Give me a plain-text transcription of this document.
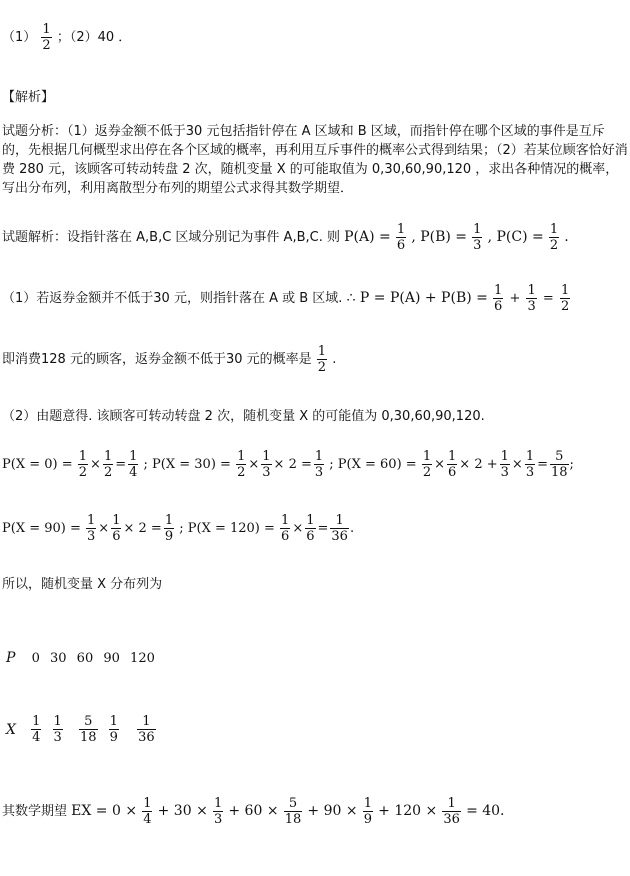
$(1) \frac{1}{2}$ ；（2）40 ．
【解析】
试题分析：（1）返券金额不低于30 元包括指针停在 A 区域和 B 区域，而指针停在哪个区域的事件是互斥的，先根据几何概型求出停在各个区域的概率，再利用互斥事件的概率公式得到结果；（2）若某位顾客恰好消费 280 元，该顾客可转动转盘 2 次，随机变量 X 的可能取值为 0,30,60,90,120 ，求出各种情况的概率，写出分布列，利用离散型分布列的期望公式求得其数学期望．
试题解析：设指针落在 A,B,C 区域分别记为事件 A,B,C. 则 $P(A) = \frac{1}{6}$ , $P(B) = \frac{1}{3}$ , $P(C) = \frac{1}{2}$ .
（1）若返券金额并不低于30 元，则指针落在 A 或 B 区域. ∴ $P = P(A) + P(B) = \frac{1}{6} + \frac{1}{3} = \frac{1}{2}$
即消费128 元的顾客，返券金额不低于30 元的概率是 $\frac{1}{2}$ .
（2）由题意得. 该顾客可转动转盘 2 次，随机变量 X 的可能值为 0,30,60,90,120.
$P(X = 0) = \frac{1}{2} \times \frac{1}{2} = \frac{1}{4}$ ; $P(X = 30) = \frac{1}{2} \times \frac{1}{3} \times 2 = \frac{1}{3}$ ; $P(X = 60) = \frac{1}{2} \times \frac{1}{6} \times 2 + \frac{1}{3} \times \frac{1}{3} = \frac{5}{18}$ ;
$P(X = 90) = \frac{1}{3} \times \frac{1}{6} \times 2 = \frac{1}{9}$ ; $P(X = 120) = \frac{1}{6} \times \frac{1}{6} = \frac{1}{36}$ .
所以，随机变量 X 分布列为
P 0 30 60 90 120
X $\frac{1}{4}$
$\frac{1}{3}$
$\frac{5}{18}$
$\frac{1}{9}$
$\frac{1}{36}$
其数学期望 EX = $0 \times \frac{1}{4} + 30 \times \frac{1}{3} + 60 \times \frac{5}{18} + 90 \times \frac{1}{9} + 120 \times \frac{1}{36} = 40$.
